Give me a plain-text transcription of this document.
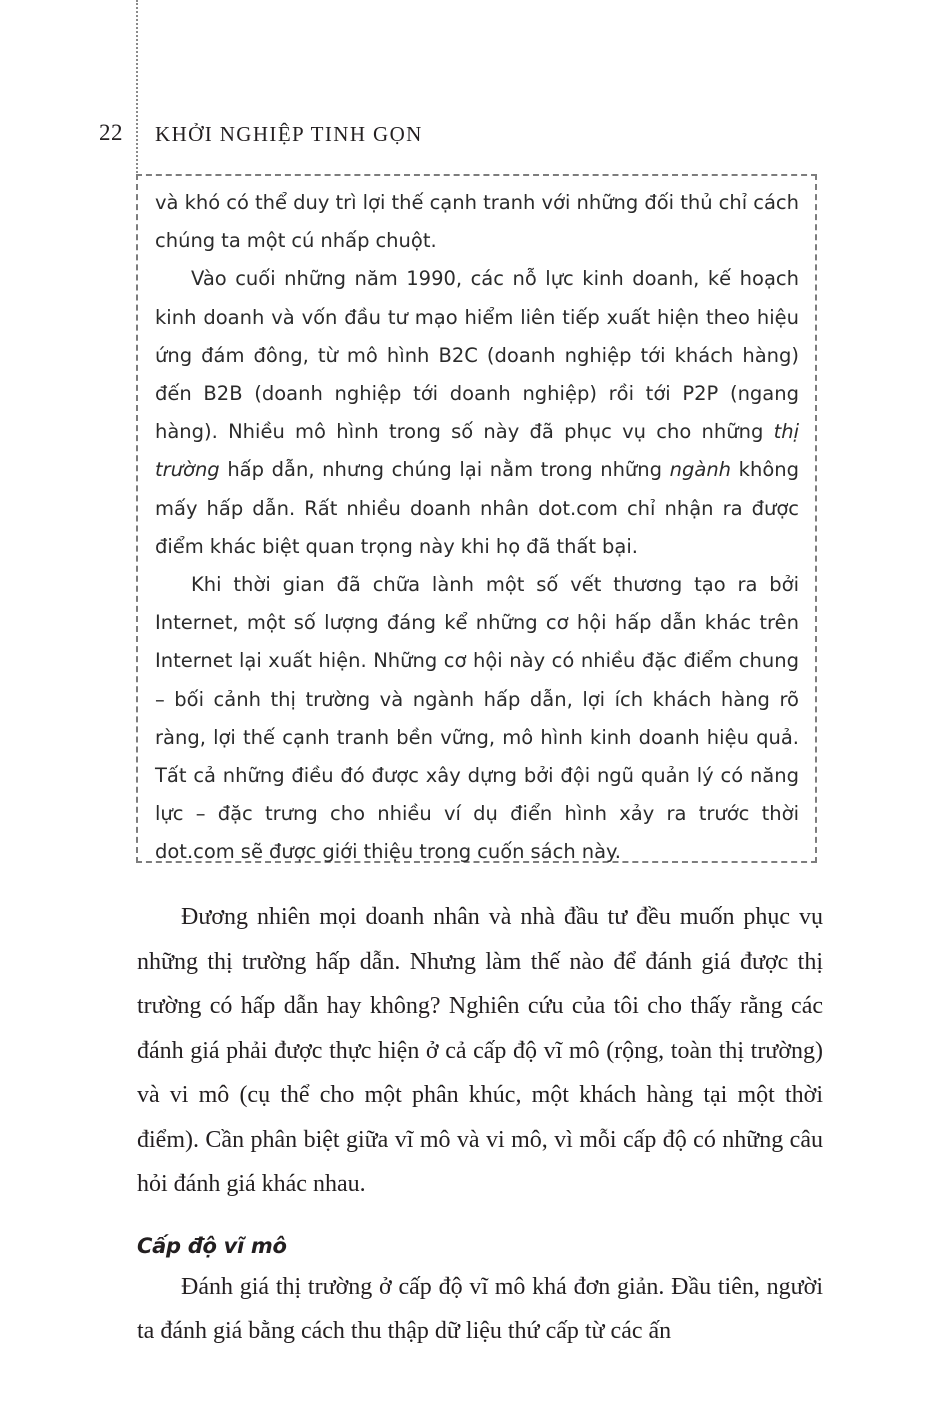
22 KHỞI NGHIỆP TINH GỌN

và khó có thể duy trì lợi thế cạnh tranh với những đối thủ chỉ cách chúng ta một cú nhấp chuột.

Vào cuối những năm 1990, các nỗ lực kinh doanh, kế hoạch kinh doanh và vốn đầu tư mạo hiểm liên tiếp xuất hiện theo hiệu ứng đám đông, từ mô hình B2C (doanh nghiệp tới khách hàng) đến B2B (doanh nghiệp tới doanh nghiệp) rồi tới P2P (ngang hàng). Nhiều mô hình trong số này đã phục vụ cho những thị trường hấp dẫn, nhưng chúng lại nằm trong những ngành không mấy hấp dẫn. Rất nhiều doanh nhân dot.com chỉ nhận ra được điểm khác biệt quan trọng này khi họ đã thất bại.

Khi thời gian đã chữa lành một số vết thương tạo ra bởi Internet, một số lượng đáng kể những cơ hội hấp dẫn khác trên Internet lại xuất hiện. Những cơ hội này có nhiều đặc điểm chung – bối cảnh thị trường và ngành hấp dẫn, lợi ích khách hàng rõ ràng, lợi thế cạnh tranh bền vững, mô hình kinh doanh hiệu quả. Tất cả những điều đó được xây dựng bởi đội ngũ quản lý có năng lực – đặc trưng cho nhiều ví dụ điển hình xảy ra trước thời dot.com sẽ được giới thiệu trong cuốn sách này.

Đương nhiên mọi doanh nhân và nhà đầu tư đều muốn phục vụ những thị trường hấp dẫn. Nhưng làm thế nào để đánh giá được thị trường có hấp dẫn hay không? Nghiên cứu của tôi cho thấy rằng các đánh giá phải được thực hiện ở cả cấp độ vĩ mô (rộng, toàn thị trường) và vi mô (cụ thể cho một phân khúc, một khách hàng tại một thời điểm). Cần phân biệt giữa vĩ mô và vi mô, vì mỗi cấp độ có những câu hỏi đánh giá khác nhau.

Cấp độ vĩ mô

Đánh giá thị trường ở cấp độ vĩ mô khá đơn giản. Đầu tiên, người ta đánh giá bằng cách thu thập dữ liệu thứ cấp từ các ấn
